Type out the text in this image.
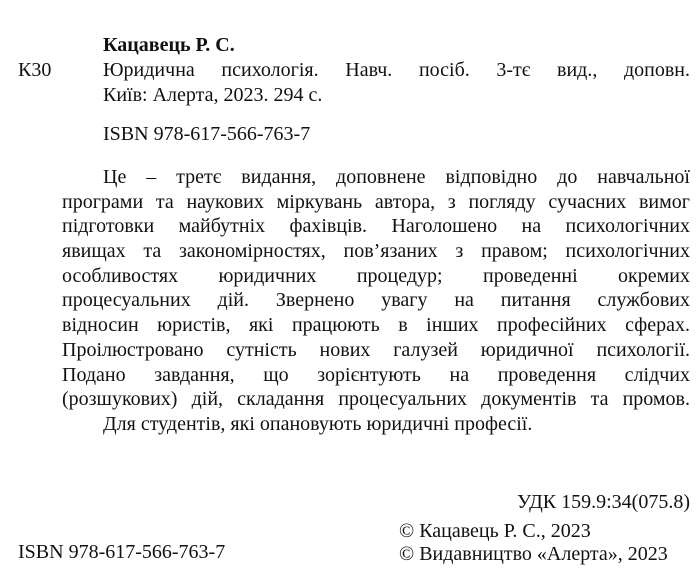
Кацавець Р. С.
К30	Юридична психологія. Навч. посіб. 3-тє вид., доповн.
Київ: Алерта, 2023. 294 с.
ISBN 978-617-566-763-7
Це – третє видання, доповнене відповідно до навчальної
програми та наукових міркувань автора, з погляду сучасних вимог
підготовки майбутніх фахівців. Наголошено на психологічних
явищах та закономірностях, пов’язаних з правом; психологічних
особливостях юридичних процедур; проведенні окремих
процесуальних дій. Звернено увагу на питання службових
відносин юристів, які працюють в інших професійних сферах.
Проілюстровано сутність нових галузей юридичної психології.
Подано завдання, що зорієнтують на проведення слідчих
(розшукових) дій, складання процесуальних документів та промов.
Для студентів, які опановують юридичні професії.
УДК 159.9:34(075.8)
© Кацавець Р. С., 2023
ISBN 978-617-566-763-7	© Видавництво «Алерта», 2023
